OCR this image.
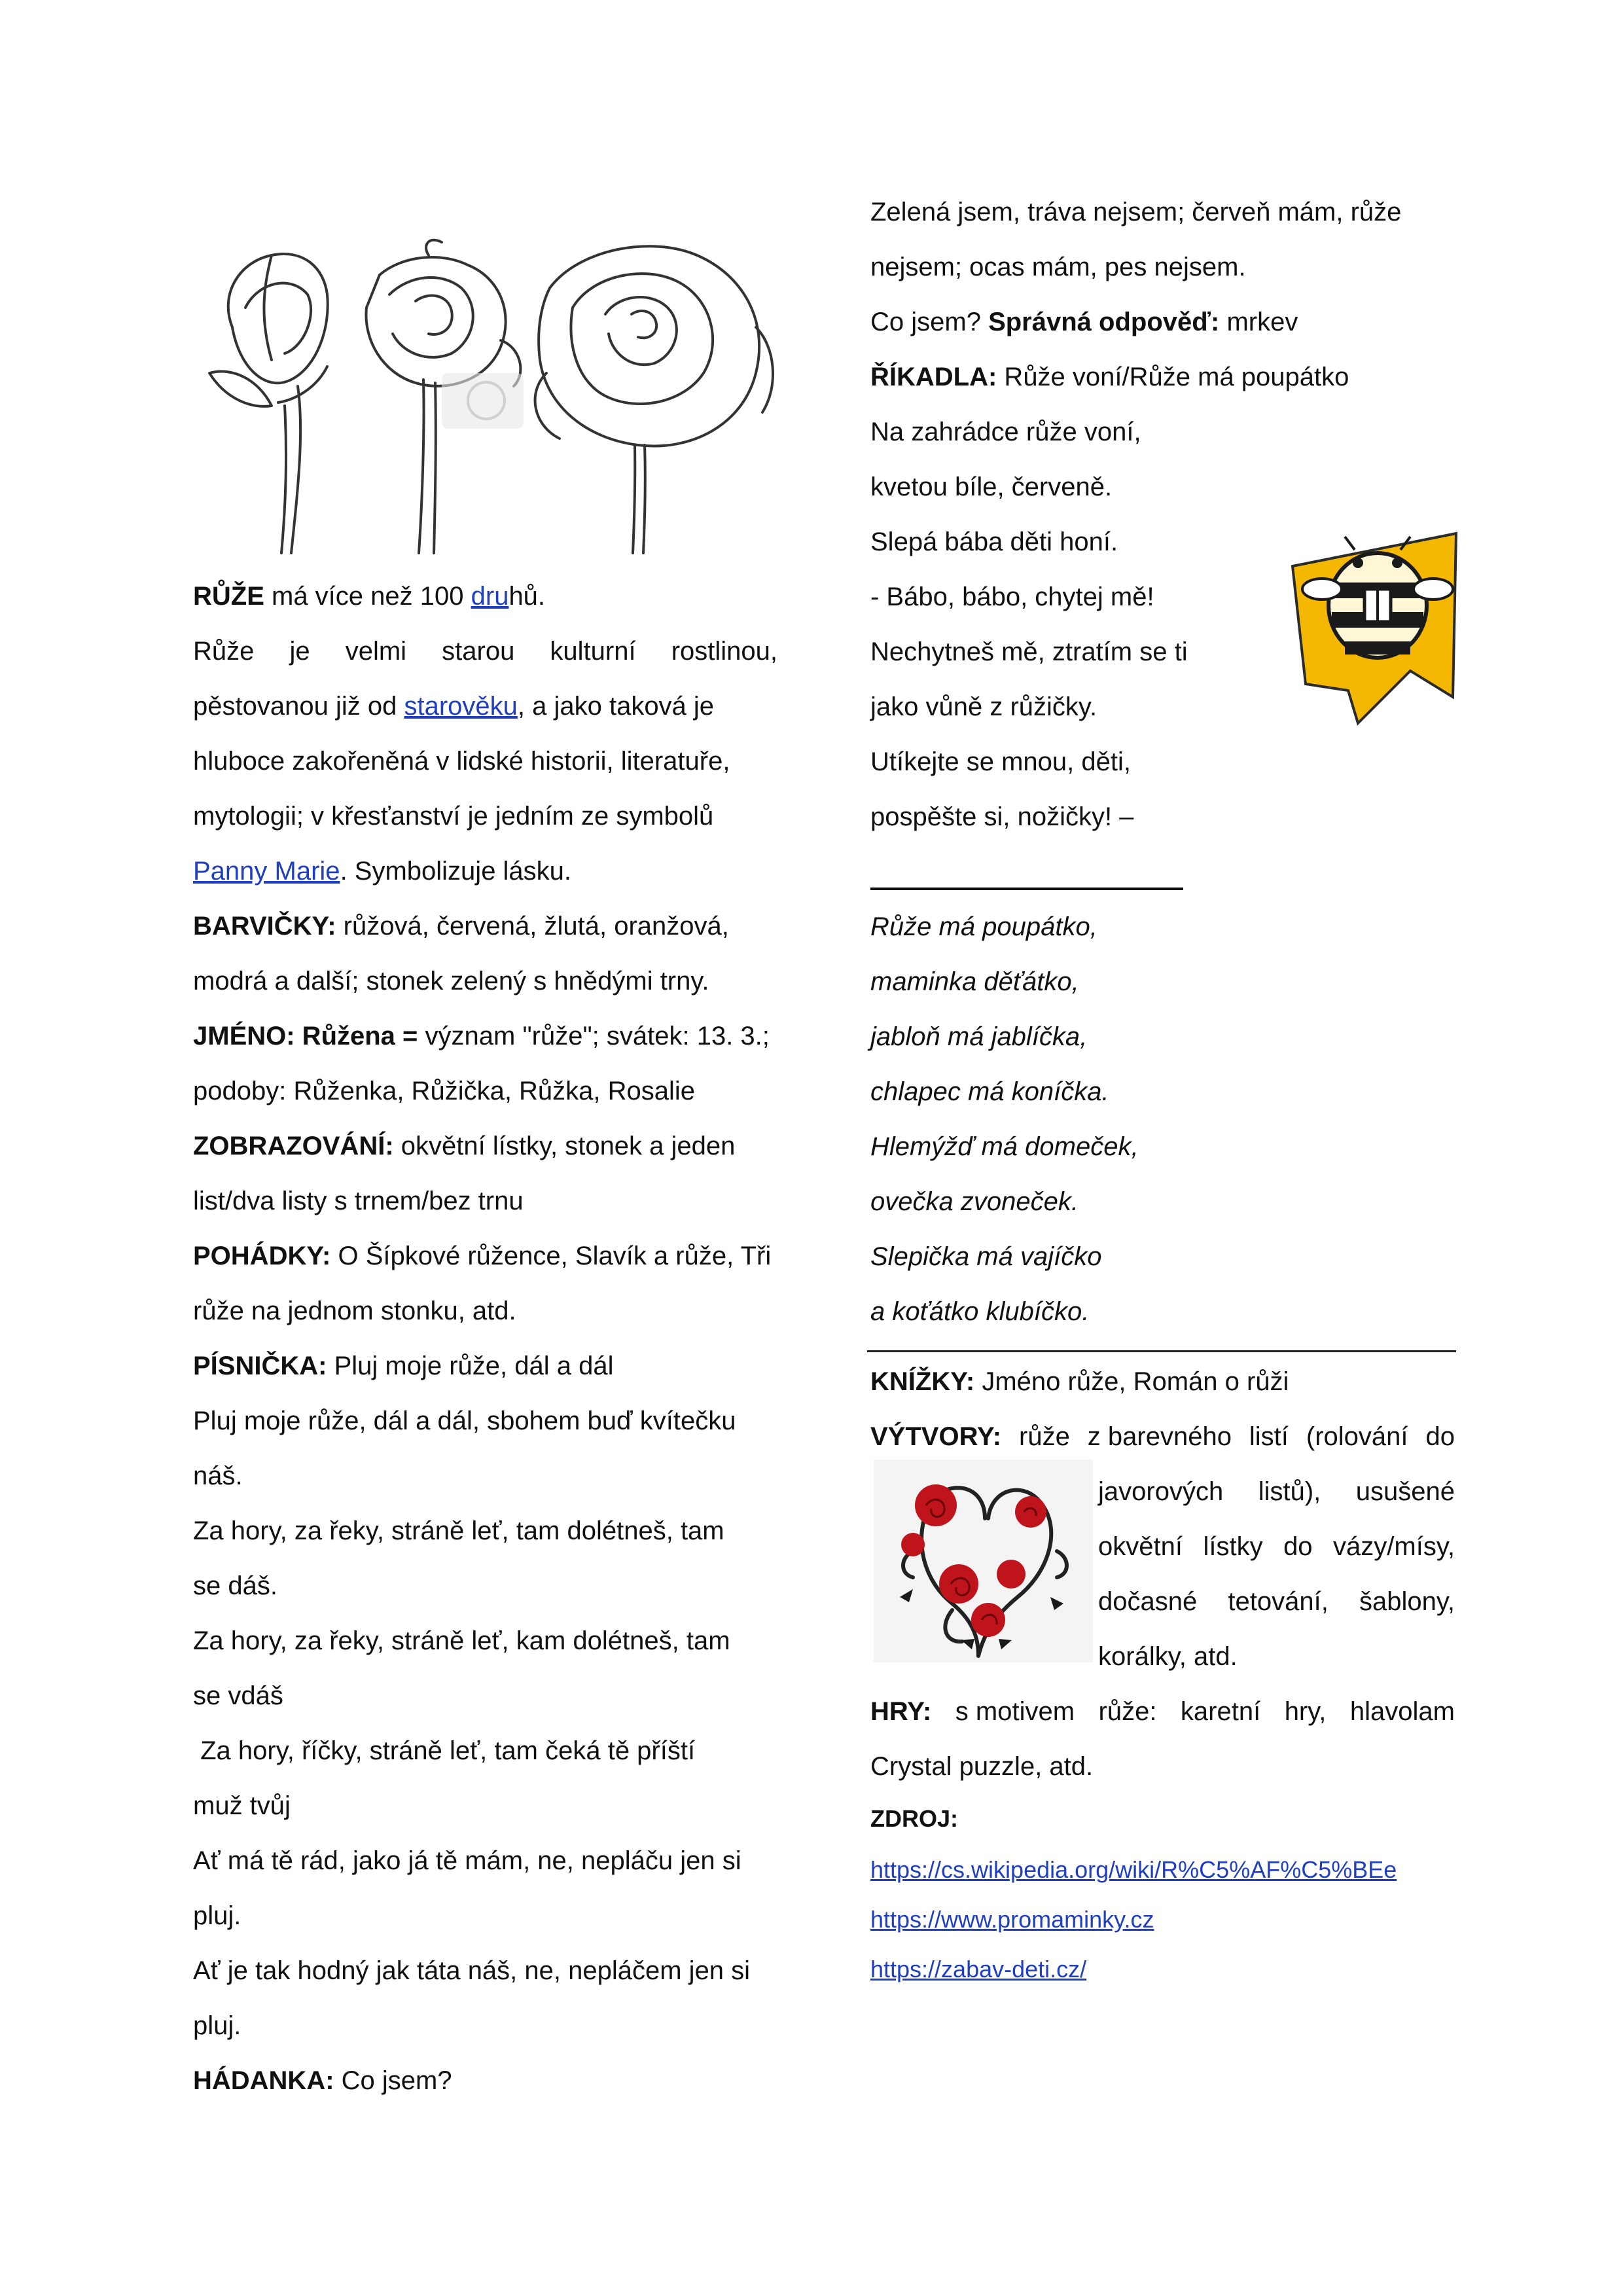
RŮŽE má více než 100 druhů.
Růže je velmi starou kulturní rostlinou,
pěstovanou již od starověku, a jako taková je
hluboce zakořeněná v lidské historii, literatuře,
mytologii; v křesťanství je jedním ze symbolů
Panny Marie. Symbolizuje lásku.
BARVIČKY: růžová, červená, žlutá, oranžová,
modrá a další; stonek zelený s hnědými trny.
JMÉNO: Růžena = význam "růže"; svátek: 13. 3.;
podoby: Růženka, Růžička, Růžka, Rosalie
ZOBRAZOVÁNÍ: okvětní lístky, stonek a jeden
list/dva listy s trnem/bez trnu
POHÁDKY: O Šípkové růžence, Slavík a růže, Tři
růže na jednom stonku, atd.
PÍSNIČKA: Pluj moje růže, dál a dál
Pluj moje růže, dál a dál, sbohem buď kvítečku
náš.
Za hory, za řeky, stráně leť, tam dolétneš, tam
se dáš.
Za hory, za řeky, stráně leť, kam dolétneš, tam
se vdáš
Za hory, říčky, stráně leť, tam čeká tě příští
muž tvůj
Ať má tě rád, jako já tě mám, ne, nepláču jen si
pluj.
Ať je tak hodný jak táta náš, ne, nepláčem jen si
pluj.
HÁDANKA: Co jsem?
Zelená jsem, tráva nejsem; červeň mám, růže
nejsem; ocas mám, pes nejsem.
Co jsem? Správná odpověď: mrkev
ŘÍKADLA: Růže voní/Růže má poupátko
Na zahrádce růže voní,
kvetou bíle, červeně.
Slepá bába děti honí.
- Bábo, bábo, chytej mě!
Nechytneš mě, ztratím se ti
jako vůně z růžičky.
Utíkejte se mnou, děti,
pospěšte si, nožičky! –
Růže má poupátko,
maminka děťátko,
jabloň má jablíčka,
chlapec má koníčka.
Hlemýžď má domeček,
ovečka zvoneček.
Slepička má vajíčko
a koťátko klubíčko.
KNÍŽKY: Jméno růže, Román o růži
VÝTVORY: růže z barevného listí (rolování do
javorových listů), usušené
okvětní lístky do vázy/mísy,
dočasné tetování, šablony,
korálky, atd.
HRY: s motivem růže: karetní hry, hlavolam
Crystal puzzle, atd.
ZDROJ:
https://cs.wikipedia.org/wiki/R%C5%AF%C5%BEe
https://www.promaminky.cz
https://zabav-deti.cz/
